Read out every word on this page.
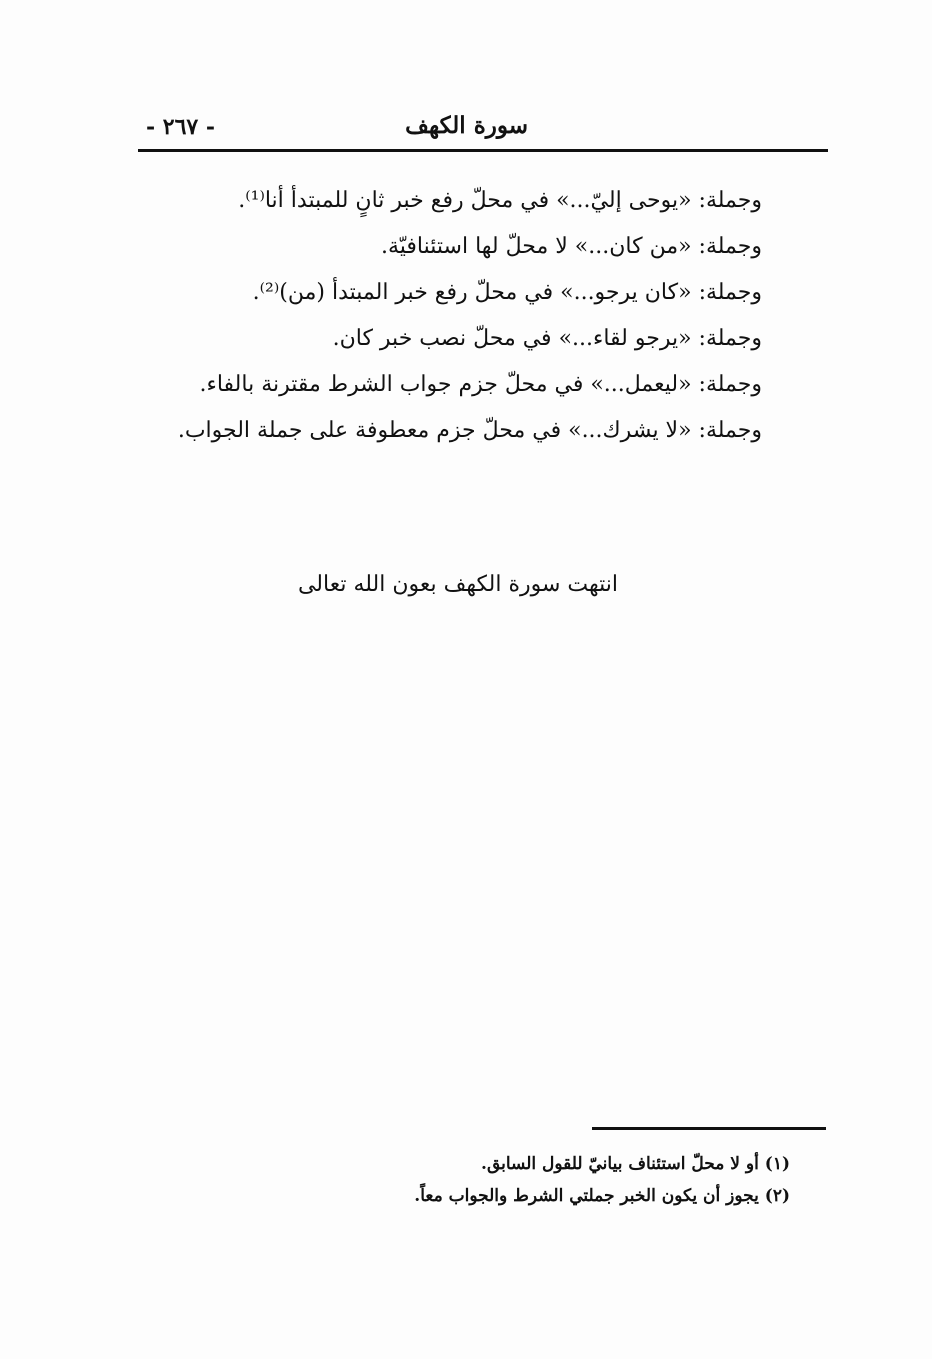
سورة الكهف
- ٢٦٧ -
وجملة: «يوحى إليّ...» في محلّ رفع خبر ثانٍ للمبتدأ أنا⁽¹⁾.
وجملة: «من كان...» لا محلّ لها استئنافيّة.
وجملة: «كان يرجو...» في محلّ رفع خبر المبتدأ (من)⁽²⁾.
وجملة: «يرجو لقاء...» في محلّ نصب خبر كان.
وجملة: «ليعمل...» في محلّ جزم جواب الشرط مقترنة بالفاء.
وجملة: «لا يشرك...» في محلّ جزم معطوفة على جملة الجواب.
انتهت سورة الكهف بعون الله تعالى
(١) أو لا محلّ استئناف بيانيّ للقول السابق.
(٢) يجوز أن يكون الخبر جملتي الشرط والجواب معاً.
